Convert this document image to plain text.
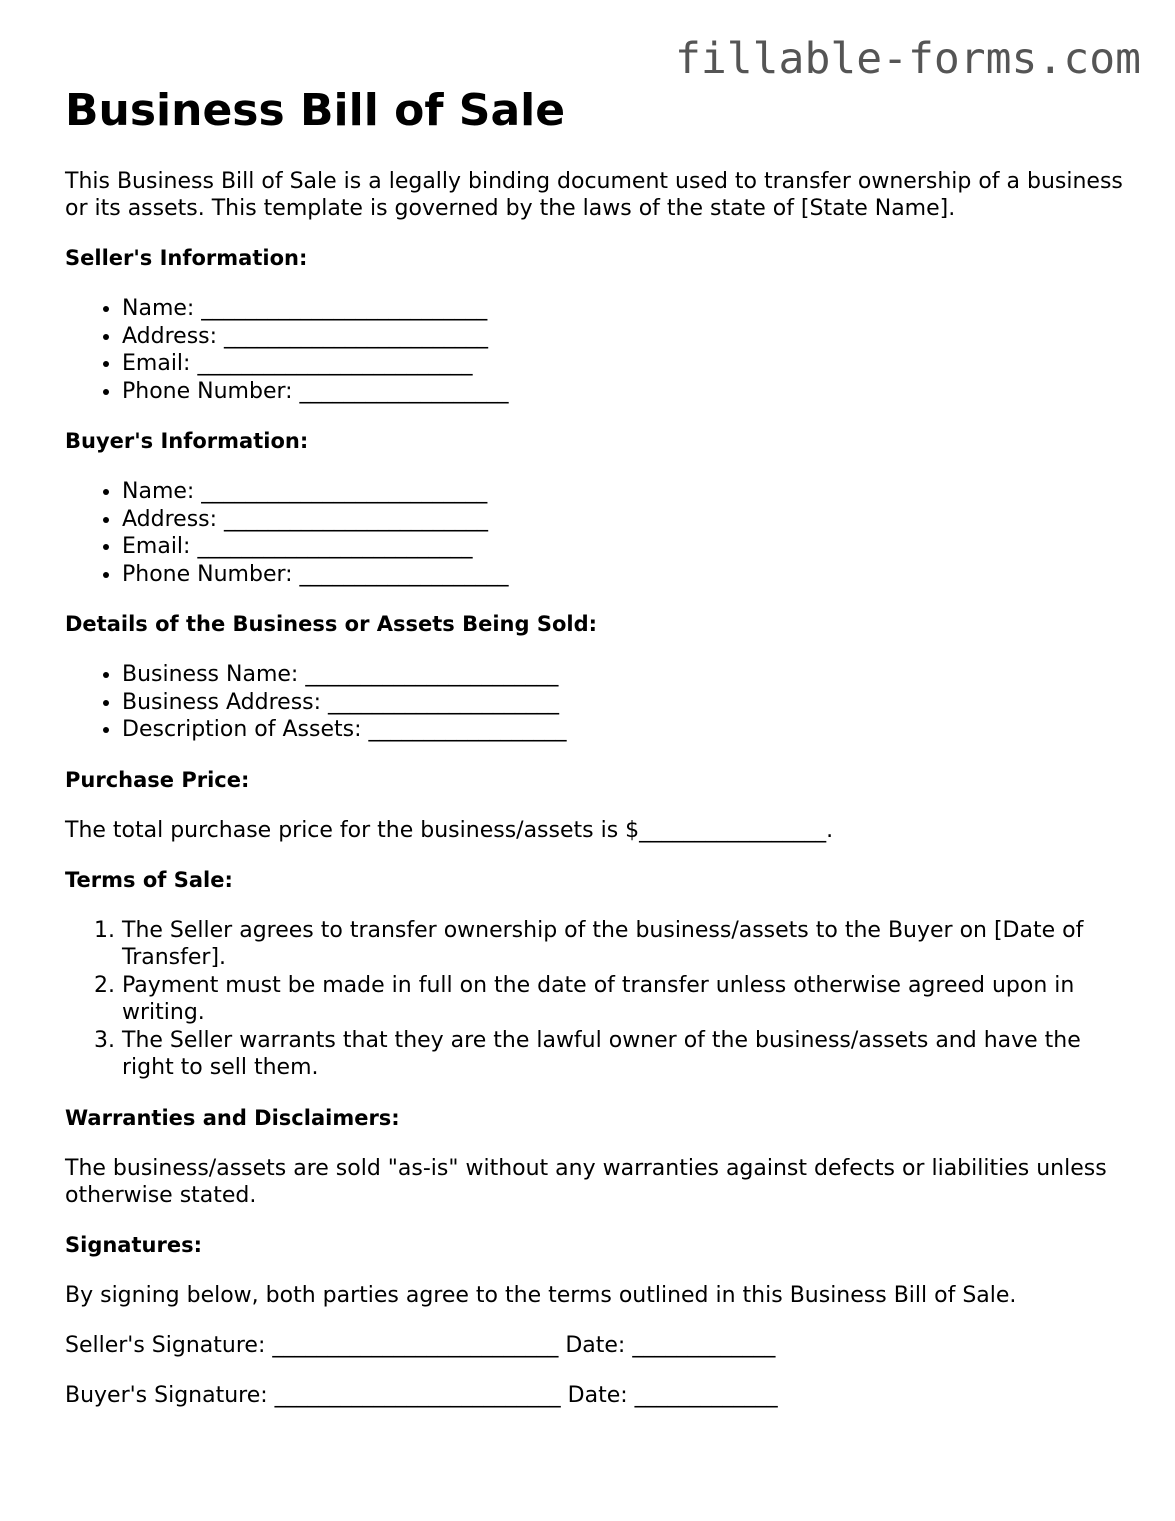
fillable-forms.com
Business Bill of Sale

This Business Bill of Sale is a legally binding document used to transfer ownership of a business or its assets. This template is governed by the laws of the state of [State Name].

Seller's Information:
• Name: __________________________
• Address: ________________________
• Email: _________________________
• Phone Number: ___________________
Buyer's Information:
• Name: __________________________
• Address: ________________________
• Email: _________________________
• Phone Number: ___________________
Details of the Business or Assets Being Sold:
• Business Name: _______________________
• Business Address: _____________________
• Description of Assets: __________________
Purchase Price:

The total purchase price for the business/assets is $_________________.

Terms of Sale:
1. The Seller agrees to transfer ownership of the business/assets to the Buyer on [Date of Transfer].
2. Payment must be made in full on the date of transfer unless otherwise agreed upon in writing.
3. The Seller warrants that they are the lawful owner of the business/assets and have the right to sell them.
Warranties and Disclaimers:

The business/assets are sold "as-is" without any warranties against defects or liabilities unless otherwise stated.

Signatures:

By signing below, both parties agree to the terms outlined in this Business Bill of Sale.

Seller's Signature: __________________________ Date: _____________
Buyer's Signature: __________________________ Date: _____________
